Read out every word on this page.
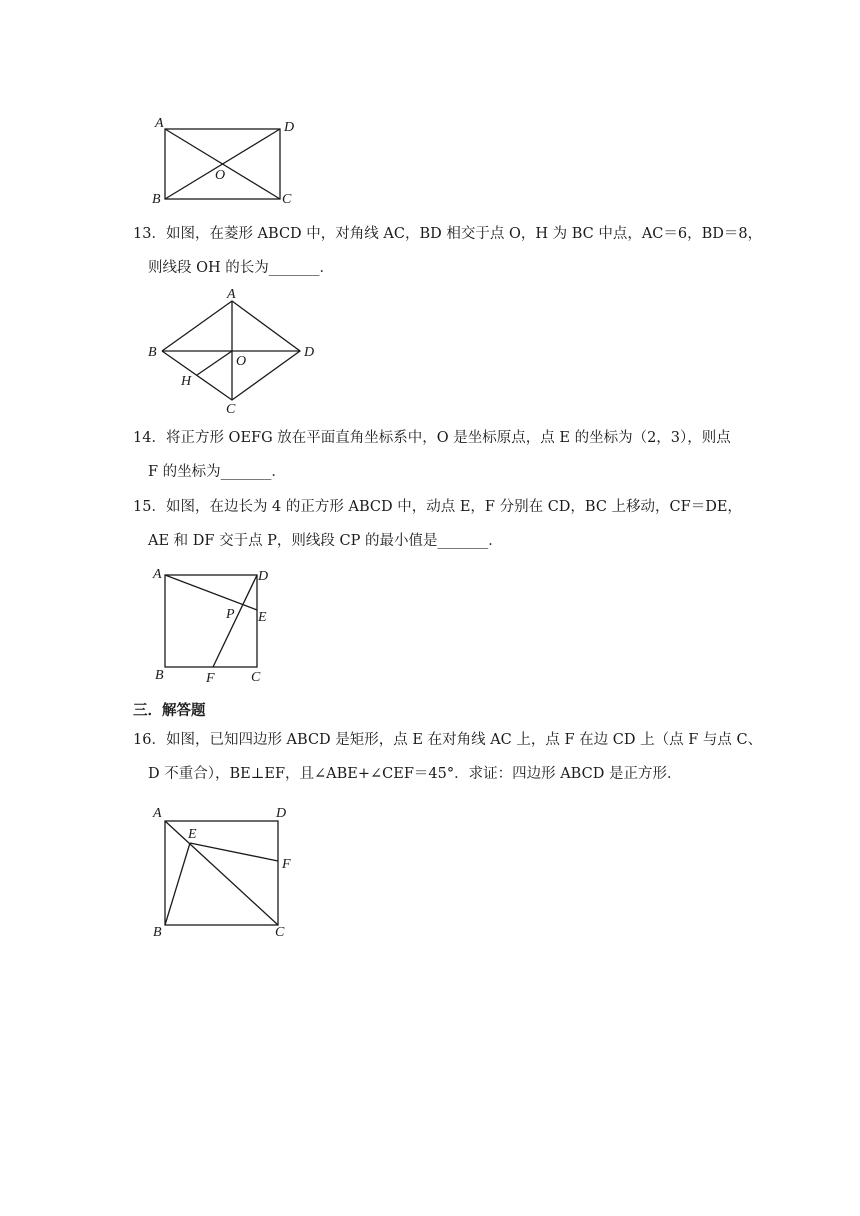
A	D
B	C
O
13．如图，在菱形 ABCD 中，对角线 AC，BD 相交于点 O，H 为 BC 中点，AC＝6，BD＝8，
则线段 OH 的长为_______．
A
B	D
C
O
H
14．将正方形 OEFG 放在平面直角坐标系中，O 是坐标原点，点 E 的坐标为（2，3），则点
F 的坐标为_______．
15．如图，在边长为 4 的正方形 ABCD 中，动点 E，F 分别在 CD，BC 上移动，CF＝DE，
AE 和 DF 交于点 P，则线段 CP 的最小值是_______．
A	D
E
P
B	F	C
三．解答题
16．如图，已知四边形 ABCD 是矩形，点 E 在对角线 AC 上，点 F 在边 CD 上（点 F 与点 C、
D 不重合），BE⊥EF，且∠ABE+∠CEF＝45°．求证：四边形 ABCD 是正方形．
A	D
E
F
B	C
